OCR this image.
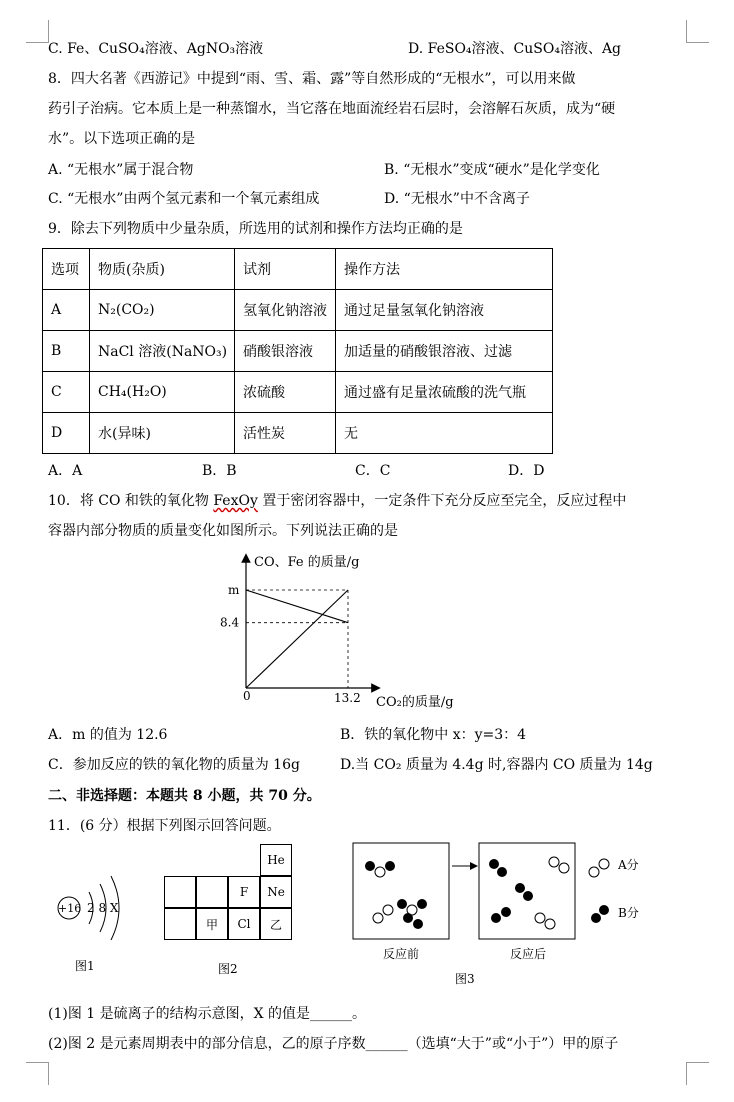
C. Fe、CuSO₄溶液、AgNO₃溶液	D. FeSO₄溶液、CuSO₄溶液、Ag
8．四大名著《西游记》中提到“雨、雪、霜、露”等自然形成的“无根水”，可以用来做
药引子治病。它本质上是一种蒸馏水，当它落在地面流经岩石层时，会溶解石灰质，成为“硬
水”。以下选项正确的是
A. “无根水”属于混合物	B. “无根水”变成“硬水”是化学变化
C. “无根水”由两个氢元素和一个氧元素组成	D. “无根水”中不含离子
9．除去下列物质中少量杂质，所选用的试剂和操作方法均正确的是
选项	物质(杂质)	试剂	操作方法
A	N₂(CO₂)	氢氧化钠溶液	通过足量氢氧化钠溶液
B	NaCl 溶液(NaNO₃)	硝酸银溶液	加适量的硝酸银溶液、过滤
C	CH₄(H₂O)	浓硫酸	通过盛有足量浓硫酸的洗气瓶
D	水(异味)	活性炭	无
A．A	B．B	C．C	D．D
10．将 CO 和铁的氧化物 FexOy 置于密闭容器中，一定条件下充分反应至完全，反应过程中
容器内部分物质的质量变化如图所示。下列说法正确的是
CO、Fe 的质量/g
CO₂的质量/g
0
m
8.4
13.2
A．m 的值为 12.6	B．铁的氧化物中 x：y=3：4
C．参加反应的铁的氧化物的质量为 16g	D.当 CO₂ 质量为 4.4g 时,容器内 CO 质量为 14g
二、非选择题：本题共 8 小题，共 70 分。
11．(6 分）根据下列图示回答问题。
+16 2 8 X
图1
He
F	Ne
甲	Cl	乙
图2
A分
B分
反应前	反应后
图3
(1)图 1 是硫离子的结构示意图，X 的值是______。
(2)图 2 是元素周期表中的部分信息，乙的原子序数______（选填“大于”或“小于”）甲的原子
